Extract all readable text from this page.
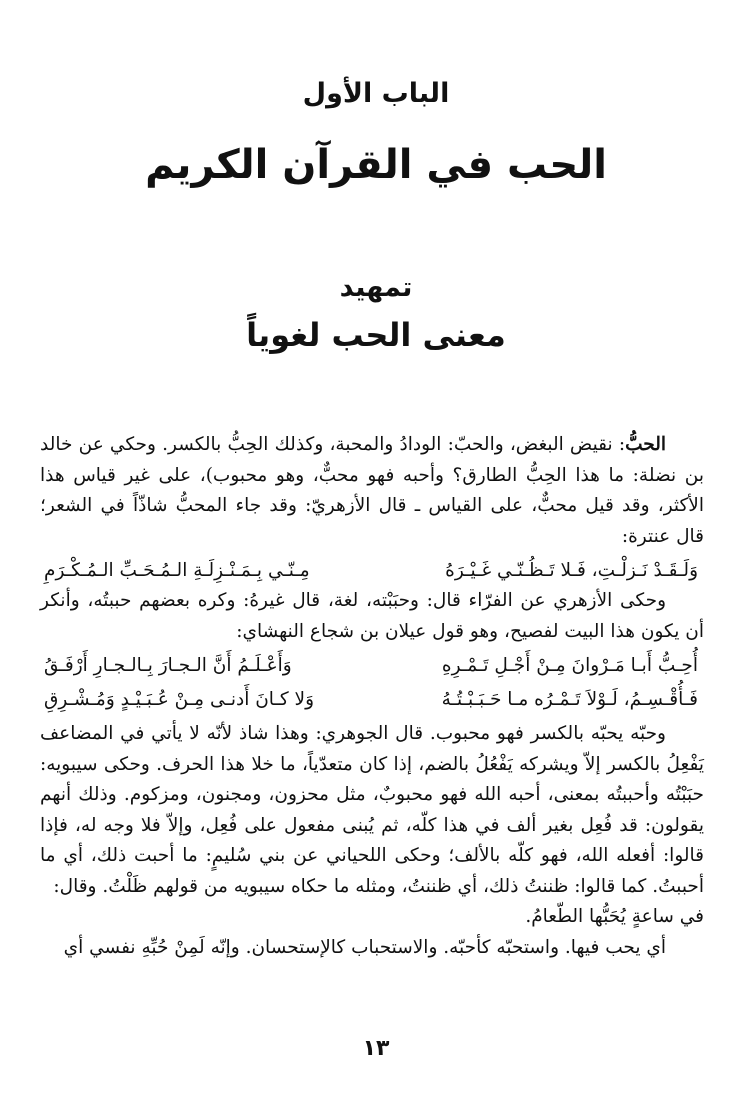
الباب الأول
الحب في القرآن الكريم
تمهيد
معنى الحب لغوياً

الحبُّ: نقيض البغض، والحبّ: الودادُ والمحبة، وكذلك الحِبُّ بالكسر. وحكي عن خالد بن نضلة: ما هذا الحِبُّ الطارق؟ وأحبه فهو محبٌّ، وهو محبوب)، على غير قياس هذا الأكثر، وقد قيل محبٌّ، على القياس ـ قال الأزهريّ: وقد جاء المحبُّ شاذّاً في الشعر؛ قال عنترة:

وَلَـقَـدْ نَـزلْـتِ، فَـلا تَـظُـنّـي غَـيْـرَهُ
مِـنّـي بِـمَـنْـزِلَـةِ الـمُـحَـبِّ الـمُـكْـرَمِ

وحكى الأزهري عن الفرّاء قال: وحبَبْته، لغة، قال غيرهُ: وكره بعضهم حببتُه، وأنكر أن يكون هذا البيت لفصيح، وهو قول عيلان بن شجاع النهشاي:

أُحِـبُّ أَبـا مَـرْوانَ مِـنْ أَجْـلِ تَـمْـرِهِ
وَأَعْـلَـمُ أَنَّ الـجـارَ بِـالـجـارِ أَرْفَـقُ
فَـأُقْـسِـمُ، لَـوْلاَ تَـمْـرُه مـا حَـبَـبْـتُـهُ
وَلا كـانَ أَدنـى مِـنْ عُـبَـيْـدٍ وَمُـشْـرِقِ

وحبّه يحبّه بالكسر فهو محبوب. قال الجوهري: وهذا شاذ لأنّه لا يأتي في المضاعف يَفْعِلُ بالكسر إلاّ ويشركه يَفْعُلُ بالضم، إذا كان متعدّياً، ما خلا هذا الحرف. وحكى سيبويه: حبَبْتُه وأحببتُه بمعنى، أحبه الله فهو محبوبٌ، مثل محزون، ومجنون، ومزكوم. وذلك أنهم يقولون: قد فُعِل بغير ألف في هذا كلّه، ثم يُبنى مفعول على فُعِل، وإلاّ فلا وجه له، فإذا قالوا: أفعله الله، فهو كلّه بالألف؛ وحكى اللحياني عن بني سُليمٍ: ما أحبت ذلك، أي ما أحببتُ. كما قالوا: ظننتُ ذلك، أي ظننتُ، ومثله ما حكاه سيبويه من قولهم ظَلْتُ. وقال:

في ساعةٍ يُحَبُّها الطّعامُ.

أي يحب فيها. واستحبّه كأحبّه. والاستحباب كالإستحسان. وإنّه لَمِنْ حُبِّهِ نفسي أي

١٣
